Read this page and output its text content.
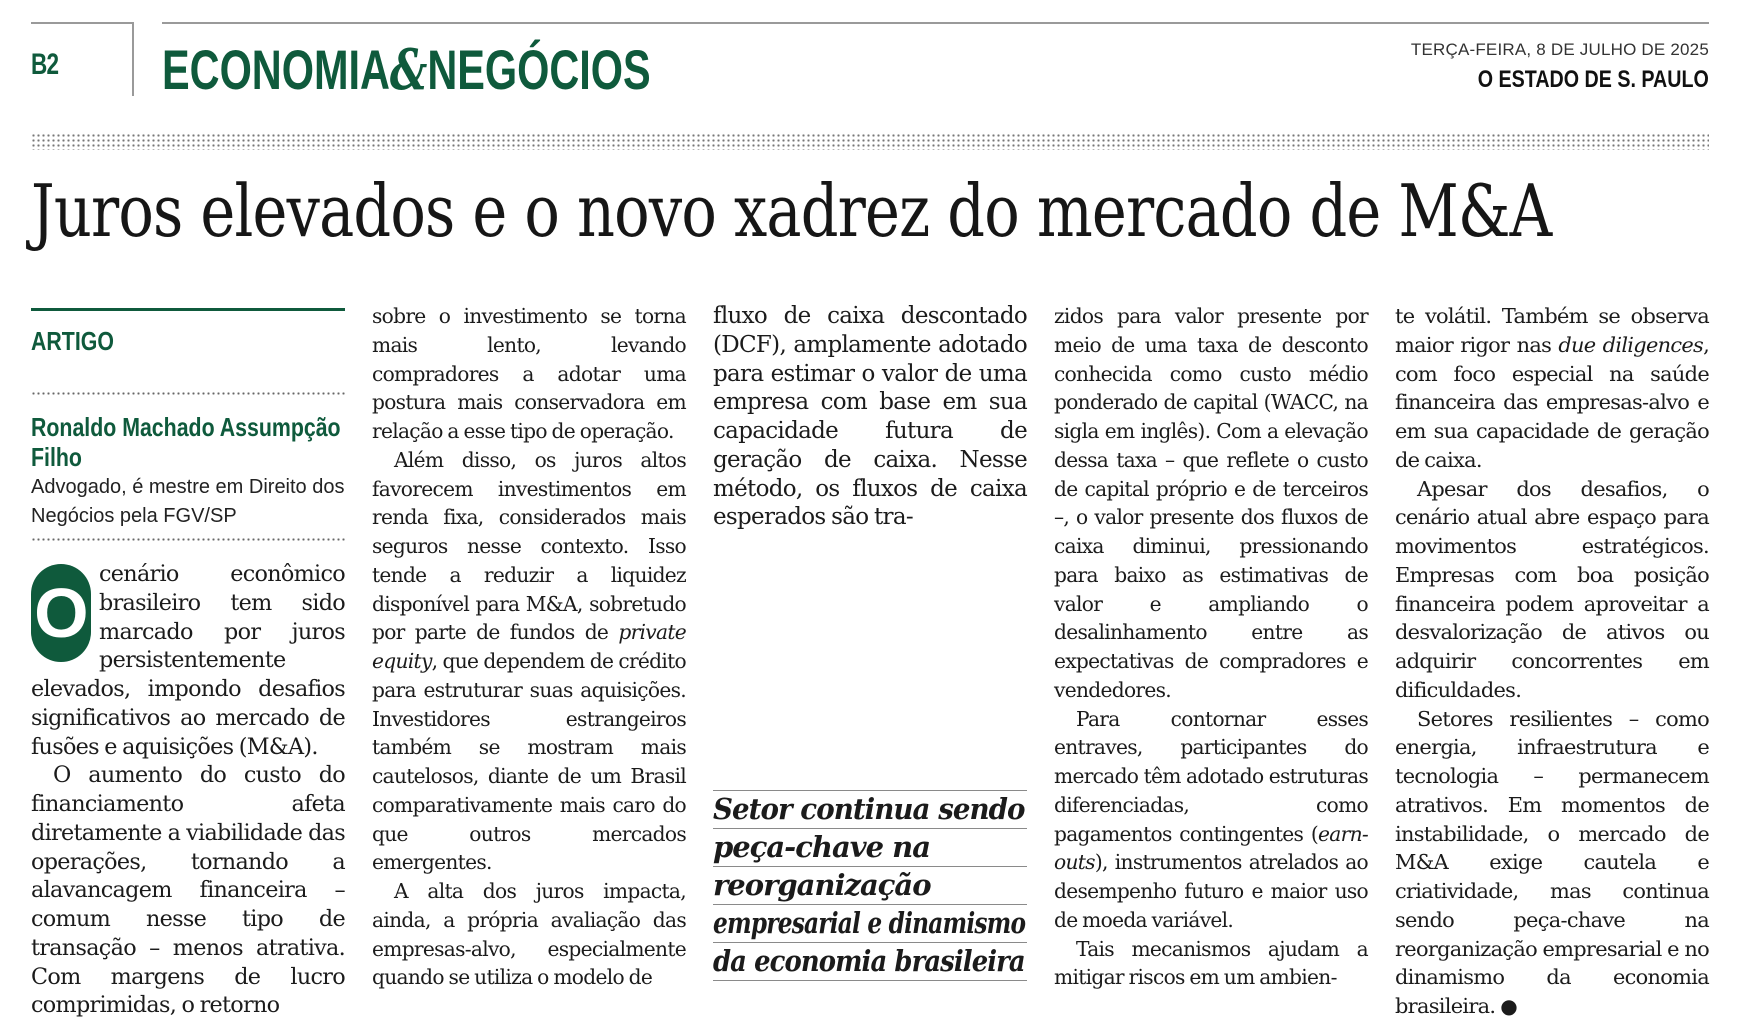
B2 ECONOMIA&NEGÓCIOS	TERÇA-FEIRA, 8 DE JULHO DE 2025
O ESTADO DE S. PAULO
Juros elevados e o novo xadrez do mercado de M&A
ARTIGO
Ronaldo Machado Assumpção Filho
Advogado, é mestre em Direito dos Negócios pela FGV/SP

O cenário econômico brasileiro tem sido marcado por juros persistentemente elevados, impondo desafios significativos ao mercado de fusões e aquisições (M&A).

O aumento do custo do financiamento afeta diretamente a viabilidade das operações, tornando a alavancagem financeira – comum nesse tipo de transação – menos atrativa. Com margens de lucro comprimidas, o retorno

sobre o investimento se torna mais lento, levando compradores a adotar uma postura mais conservadora em relação a esse tipo de operação.

Além disso, os juros altos favorecem investimentos em renda fixa, considerados mais seguros nesse contexto. Isso tende a reduzir a liquidez disponível para M&A, sobretudo por parte de fundos de private equity, que dependem de crédito para estruturar suas aquisições. Investidores estrangeiros também se mostram mais cautelosos, diante de um Brasil comparativamente mais caro do que outros mercados emergentes.

A alta dos juros impacta, ainda, a própria avaliação das empresas-alvo, especialmente quando se utiliza o modelo de

fluxo de caixa descontado (DCF), amplamente adotado para estimar o valor de uma empresa com base em sua capacidade futura de geração de caixa. Nesse método, os fluxos de caixa esperados são tra-

Setor continua sendo
peça-chave na
reorganização
empresarial e dinamismo
da economia brasileira

zidos para valor presente por meio de uma taxa de desconto conhecida como custo médio ponderado de capital (WACC, na sigla em inglês). Com a elevação dessa taxa – que reflete o custo de capital próprio e de terceiros –, o valor presente dos fluxos de caixa diminui, pressionando para baixo as estimativas de valor e ampliando o desalinhamento entre as expectativas de compradores e vendedores.

Para contornar esses entraves, participantes do mercado têm adotado estruturas diferenciadas, como pagamentos contingentes (earn-outs), instrumentos atrelados ao desempenho futuro e maior uso de moeda variável.

Tais mecanismos ajudam a mitigar riscos em um ambien-

te volátil. Também se observa maior rigor nas due diligences, com foco especial na saúde financeira das empresas-alvo e em sua capacidade de geração de caixa.

Apesar dos desafios, o cenário atual abre espaço para movimentos estratégicos. Empresas com boa posição financeira podem aproveitar a desvalorização de ativos ou adquirir concorrentes em dificuldades.

Setores resilientes – como energia, infraestrutura e tecnologia – permanecem atrativos. Em momentos de instabilidade, o mercado de M&A exige cautela e criatividade, mas continua sendo peça-chave na reorganização empresarial e no dinamismo da economia brasileira. ●
